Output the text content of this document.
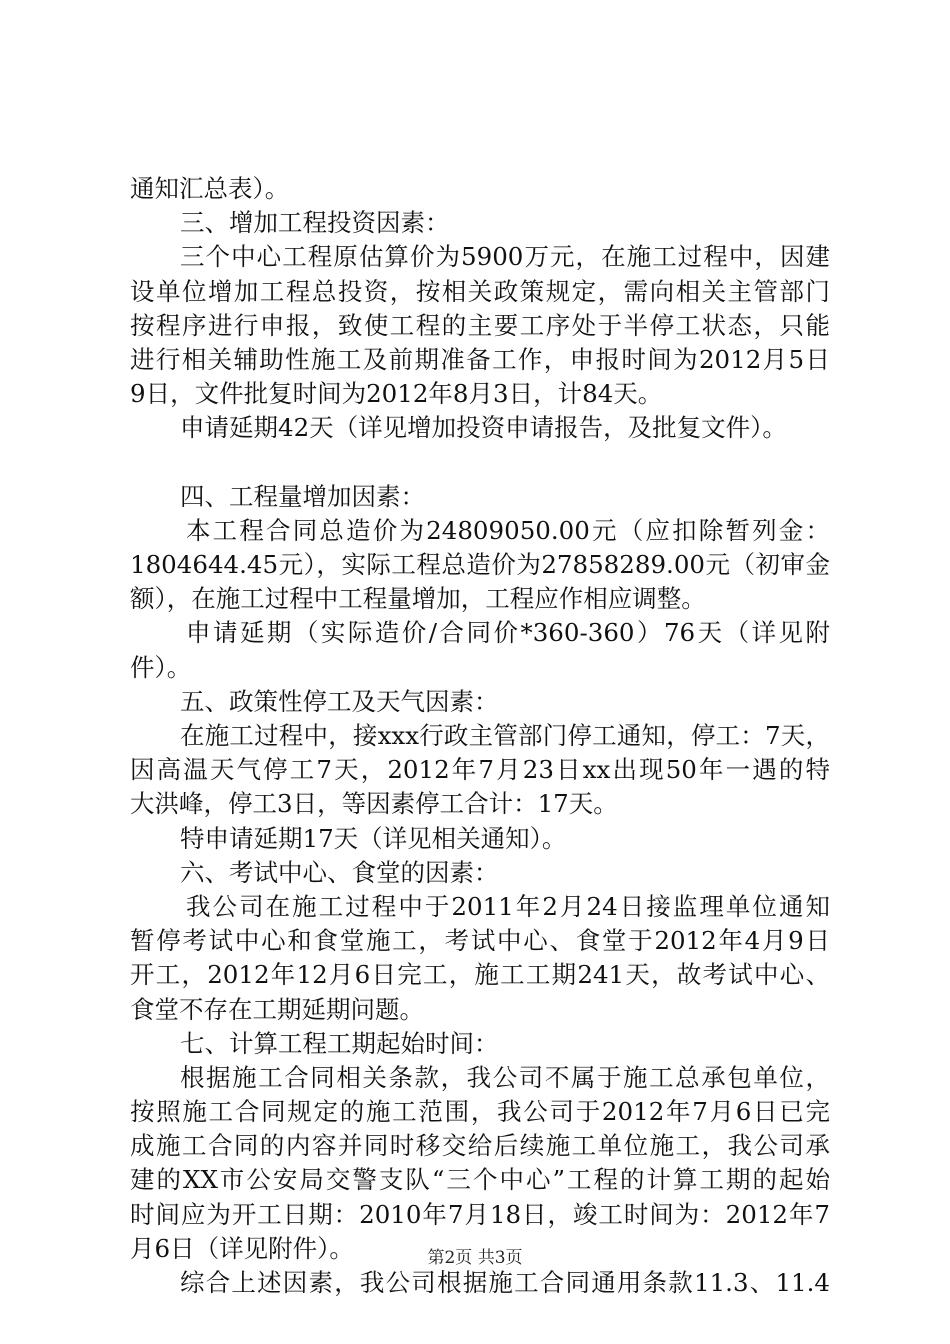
通知汇总表）。
三、增加工程投资因素：
三个中心工程原估算价为5900万元，在施工过程中，因建
设单位增加工程总投资，按相关政策规定，需向相关主管部门
按程序进行申报，致使工程的主要工序处于半停工状态，只能
进行相关辅助性施工及前期准备工作，申报时间为2012月5日
9日，文件批复时间为2012年8月3日，计84天。
申请延期42天（详见增加投资申请报告，及批复文件）。
四、工程量增加因素：
本工程合同总造价为24809050.00元（应扣除暂列金：
1804644.45元），实际工程总造价为27858289.00元（初审金
额），在施工过程中工程量增加，工程应作相应调整。
申请延期（实际造价/合同价*360-360）76天（详见附
件）。
五、政策性停工及天气因素：
在施工过程中，接xxx行政主管部门停工通知，停工：7天，
因高温天气停工7天，2012年7月23日xx出现50年一遇的特
大洪峰，停工3日，等因素停工合计：17天。
特申请延期17天（详见相关通知）。
六、考试中心、食堂的因素：
我公司在施工过程中于2011年2月24日接监理单位通知
暂停考试中心和食堂施工，考试中心、食堂于2012年4月9日
开工，2012年12月6日完工，施工工期241天，故考试中心、
食堂不存在工期延期问题。
七、计算工程工期起始时间：
根据施工合同相关条款，我公司不属于施工总承包单位，
按照施工合同规定的施工范围，我公司于2012年7月6日已完
成施工合同的内容并同时移交给后续施工单位施工，我公司承
建的XX市公安局交警支队“三个中心”工程的计算工期的起始
时间应为开工日期：2010年7月18日，竣工时间为：2012年7
月6日（详见附件）。
综合上述因素，我公司根据施工合同通用条款11.3、11.4
第2页 共3页
